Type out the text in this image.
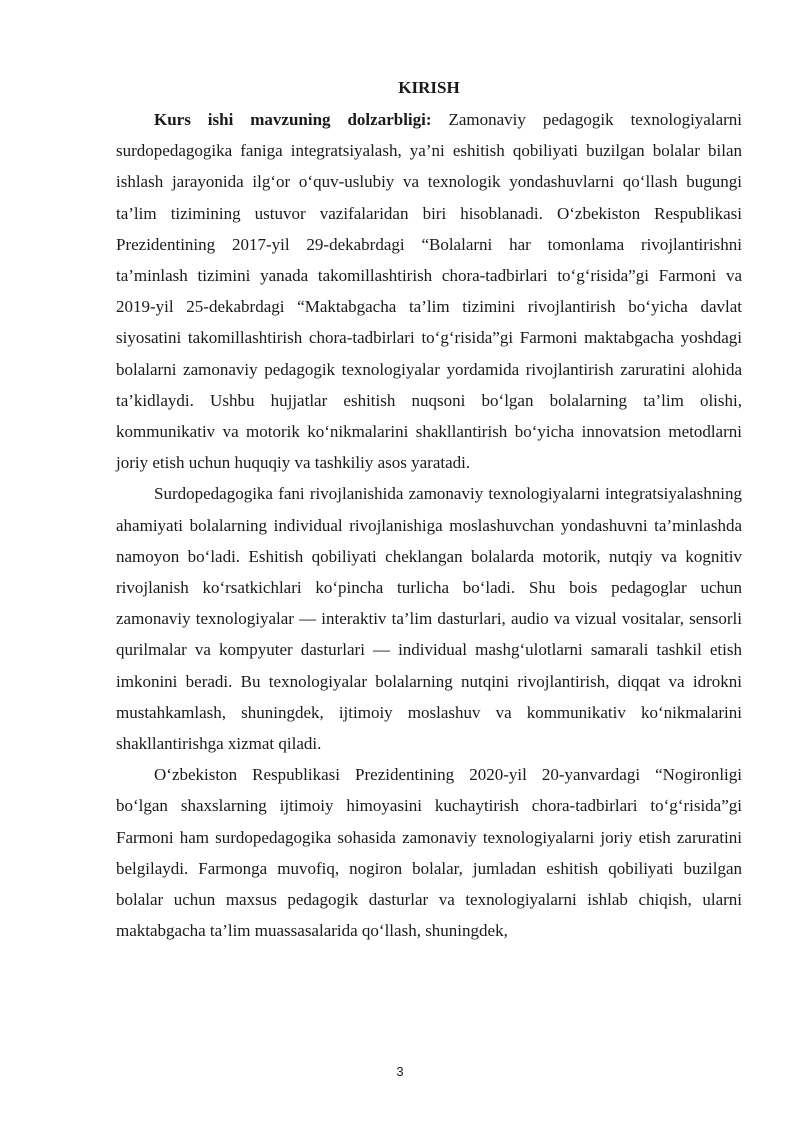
KIRISH

Kurs ishi mavzuning dolzarbligi: Zamonaviy pedagogik texnologiyalarni surdopedagogika faniga integratsiyalash, ya’ni eshitish qobiliyati buzilgan bolalar bilan ishlash jarayonida ilg‘or o‘quv-uslubiy va texnologik yondashuvlarni qo‘llash bugungi ta’lim tizimining ustuvor vazifalaridan biri hisoblanadi. O‘zbekiston Respublikasi Prezidentining 2017-yil 29-dekabrdagi “Bolalarni har tomonlama rivojlantirishni ta’minlash tizimini yanada takomillashtirish chora-tadbirlari to‘g‘risida”gi Farmoni va 2019-yil 25-dekabrdagi “Maktabgacha ta’lim tizimini rivojlantirish bo‘yicha davlat siyosatini takomillashtirish chora-tadbirlari to‘g‘risida”gi Farmoni maktabgacha yoshdagi bolalarni zamonaviy pedagogik texnologiyalar yordamida rivojlantirish zaruratini alohida ta’kidlaydi. Ushbu hujjatlar eshitish nuqsoni bo‘lgan bolalarning ta’lim olishi, kommunikativ va motorik ko‘nikmalarini shakllantirish bo‘yicha innovatsion metodlarni joriy etish uchun huquqiy va tashkiliy asos yaratadi.

Surdopedagogika fani rivojlanishida zamonaviy texnologiyalarni integratsiyalashning ahamiyati bolalarning individual rivojlanishiga moslashuvchan yondashuvni ta’minlashda namoyon bo‘ladi. Eshitish qobiliyati cheklangan bolalarda motorik, nutqiy va kognitiv rivojlanish ko‘rsatkichlari ko‘pincha turlicha bo‘ladi. Shu bois pedagoglar uchun zamonaviy texnologiyalar — interaktiv ta’lim dasturlari, audio va vizual vositalar, sensorli qurilmalar va kompyuter dasturlari — individual mashg‘ulotlarni samarali tashkil etish imkonini beradi. Bu texnologiyalar bolalarning nutqini rivojlantirish, diqqat va idrokni mustahkamlash, shuningdek, ijtimoiy moslashuv va kommunikativ ko‘nikmalarini shakllantirishga xizmat qiladi.

O‘zbekiston Respublikasi Prezidentining 2020-yil 20-yanvardagi “Nogironligi bo‘lgan shaxslarning ijtimoiy himoyasini kuchaytirish chora-tadbirlari to‘g‘risida”gi Farmoni ham surdopedagogika sohasida zamonaviy texnologiyalarni joriy etish zaruratini belgilaydi. Farmonga muvofiq, nogiron bolalar, jumladan eshitish qobiliyati buzilgan bolalar uchun maxsus pedagogik dasturlar va texnologiyalarni ishlab chiqish, ularni maktabgacha ta’lim muassasalarida qo‘llash, shuningdek,

3
